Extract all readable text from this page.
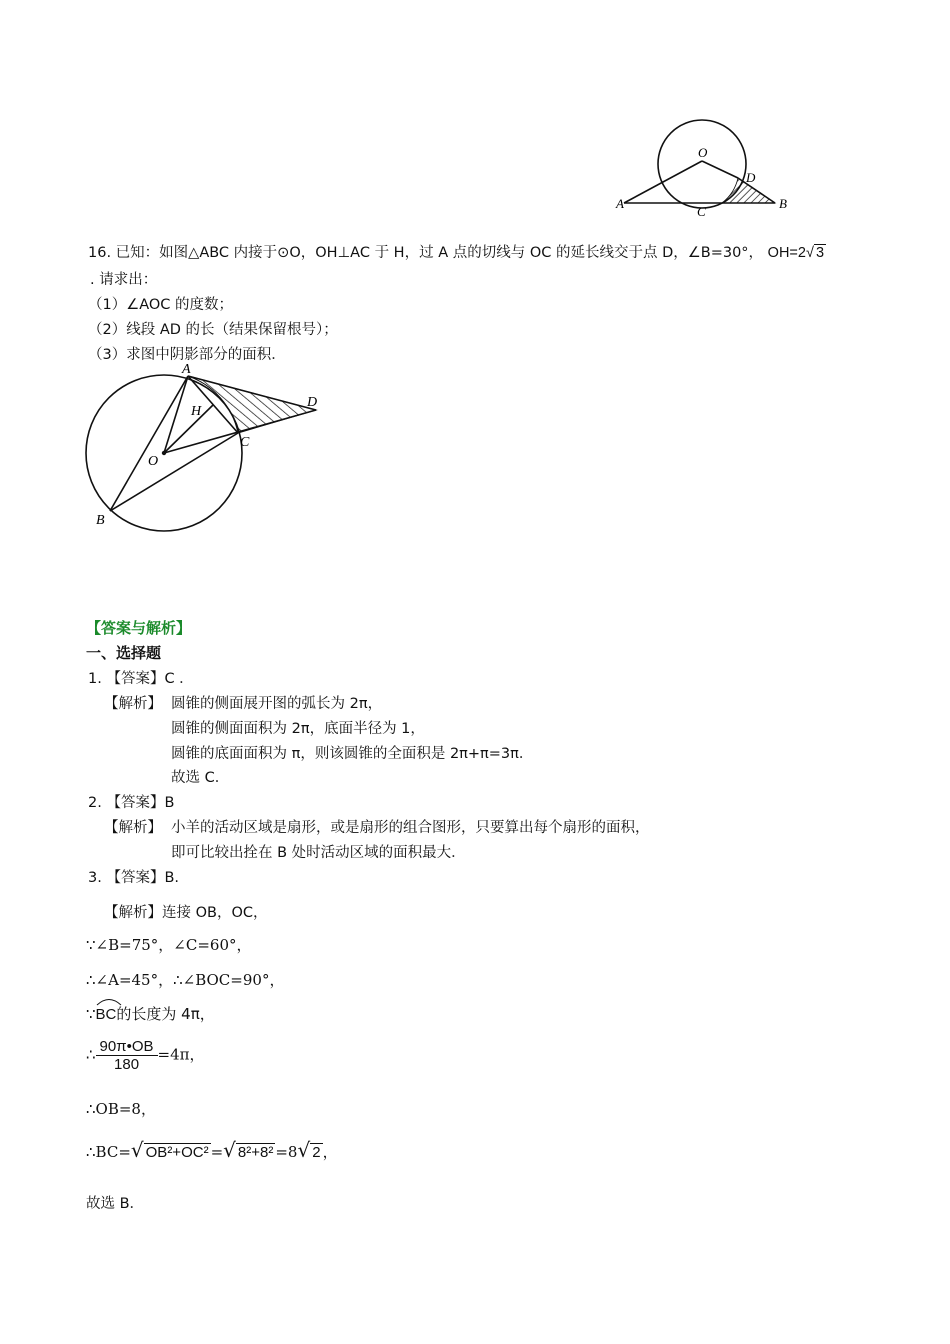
O
D
A
C
B
16. 已知：如图△ABC 内接于⊙O，OH⊥AC 于 H，过 A 点的切线与 OC 的延长线交于点 D，∠B=30°， OH=2√ 3
. 请求出：
（1）∠AOC 的度数；
（2）线段 AD 的长（结果保留根号）；
（3）求图中阴影部分的面积．
A
H
D
O
C
B
【答案与解析】
一、选择题
1. 【答案】C ．
【解析】 圆锥的侧面展开图的弧长为 2π，
圆锥的侧面面积为 2π，底面半径为 1，
圆锥的底面面积为 π，则该圆锥的全面积是 2π+π=3π．
故选 C．
2. 【答案】B
【解析】 小羊的活动区域是扇形，或是扇形的组合图形，只要算出每个扇形的面积，
即可比较出拴在 B 处时活动区域的面积最大．
3. 【答案】B.
【解析】连接 OB，OC，
∵∠B=75°，∠C=60°，
∴∠A=45°，∴∠BOC=90°，
∵
BC的长度为 4π，
∴ $\frac{90\pi•OB}{180} =4\pi$，
∴OB=8，
∴BC=√ OB²+OC² =√ 8²+8² =8√ 2 ，
故选 B．
